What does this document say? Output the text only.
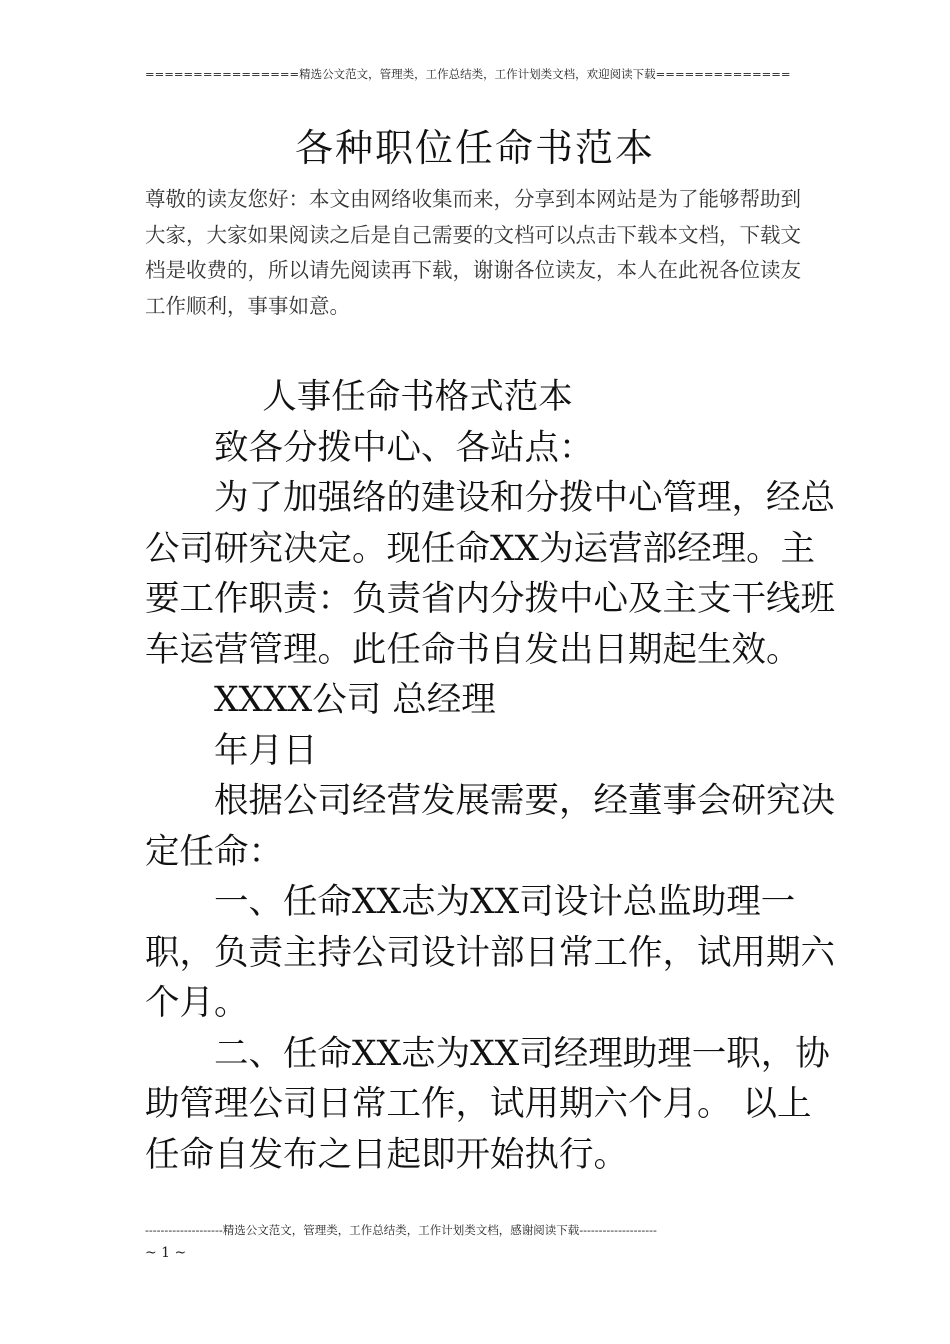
================精选公文范文，管理类，工作总结类，工作计划类文档，欢迎阅读下载==============
各种职位任命书范本
尊敬的读友您好：本文由网络收集而来，分享到本网站是为了能够帮助到大家，大家如果阅读之后是自己需要的文档可以点击下载本文档，下载文档是收费的，所以请先阅读再下载，谢谢各位读友，本人在此祝各位读友工作顺利，事事如意。

人事任命书格式范本

致各分拨中心、各站点：

为了加强络的建设和分拨中心管理，经总公司研究决定。现任命XX为运营部经理。主要工作职责：负责省内分拨中心及主支干线班车运营管理。此任命书自发出日期起生效。

XXXX公司 总经理

年月日

根据公司经营发展需要，经董事会研究决定任命：

一、任命XX志为XX司设计总监助理一职，负责主持公司设计部日常工作，试用期六个月。

二、任命XX志为XX司经理助理一职，协助管理公司日常工作，试用期六个月。 以上任命自发布之日起即开始执行。

--------------------精选公文范文，管理类，工作总结类，工作计划类文档，感谢阅读下载--------------------
~ 1 ~
